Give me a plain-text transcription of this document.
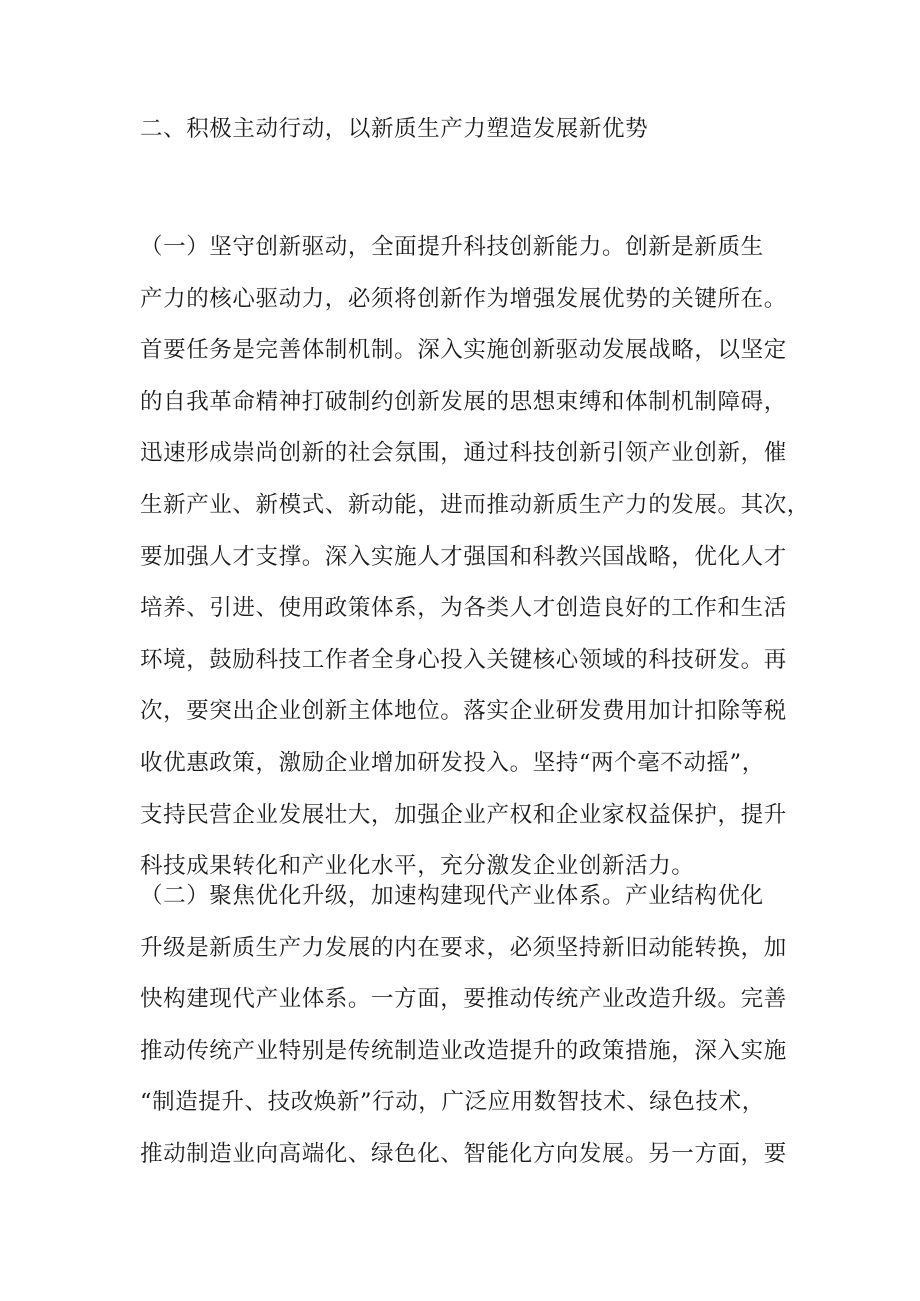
二、积极主动行动，以新质生产力塑造发展新优势
（一）坚守创新驱动，全面提升科技创新能力。创新是新质生
产力的核心驱动力，必须将创新作为增强发展优势的关键所在。
首要任务是完善体制机制。深入实施创新驱动发展战略，以坚定
的自我革命精神打破制约创新发展的思想束缚和体制机制障碍，
迅速形成崇尚创新的社会氛围，通过科技创新引领产业创新，催
生新产业、新模式、新动能，进而推动新质生产力的发展。其次，
要加强人才支撑。深入实施人才强国和科教兴国战略，优化人才
培养、引进、使用政策体系，为各类人才创造良好的工作和生活
环境，鼓励科技工作者全身心投入关键核心领域的科技研发。再
次，要突出企业创新主体地位。落实企业研发费用加计扣除等税
收优惠政策，激励企业增加研发投入。坚持“两个毫不动摇”，
支持民营企业发展壮大，加强企业产权和企业家权益保护，提升
科技成果转化和产业化水平，充分激发企业创新活力。
（二）聚焦优化升级，加速构建现代产业体系。产业结构优化
升级是新质生产力发展的内在要求，必须坚持新旧动能转换，加
快构建现代产业体系。一方面，要推动传统产业改造升级。完善
推动传统产业特别是传统制造业改造提升的政策措施，深入实施
“制造提升、技改焕新”行动，广泛应用数智技术、绿色技术，
推动制造业向高端化、绿色化、智能化方向发展。另一方面，要
